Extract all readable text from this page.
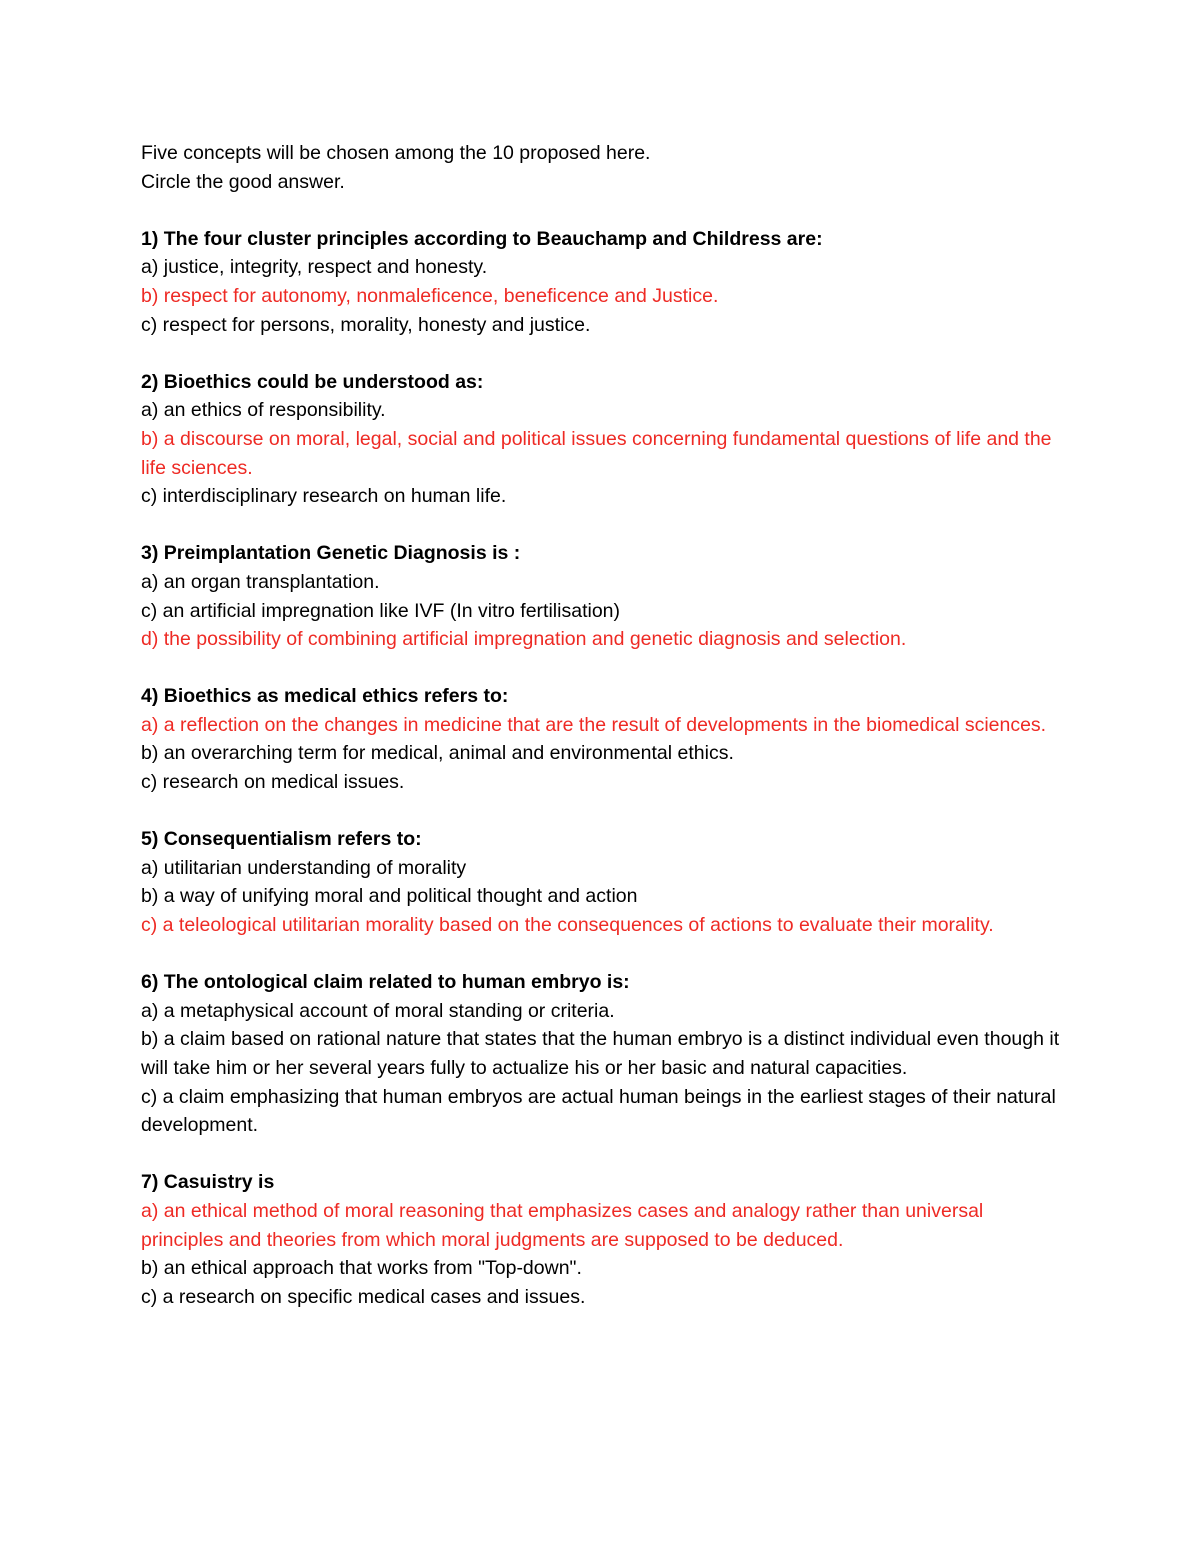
Five concepts will be chosen among the 10 proposed here.

Circle the good answer.

1) The four cluster principles according to Beauchamp and Childress are:

a) justice, integrity, respect and honesty.

b) respect for autonomy, nonmaleficence, beneficence and Justice.

c) respect for persons, morality, honesty and justice.

2) Bioethics could be understood as:

a) an ethics of responsibility.

b) a discourse on moral, legal, social and political issues concerning fundamental questions of life and the life sciences.

c) interdisciplinary research on human life.

3) Preimplantation Genetic Diagnosis is :

a) an organ transplantation.

c) an artificial impregnation like IVF (In vitro fertilisation)

d) the possibility of combining artificial impregnation and genetic diagnosis and selection.

4) Bioethics as medical ethics refers to:

a) a reflection on the changes in medicine that are the result of developments in the biomedical sciences.

b) an overarching term for medical, animal and environmental ethics.

c) research on medical issues.

5) Consequentialism refers to:

a) utilitarian understanding of morality

b) a way of unifying moral and political thought and action

c) a teleological utilitarian morality based on the consequences of actions to evaluate their morality.

6) The ontological claim related to human embryo is:

a) a metaphysical account of moral standing or criteria.

b) a claim based on rational nature that states that the human embryo is a distinct individual even though it will take him or her several years fully to actualize his or her basic and natural capacities.

c) a claim emphasizing that human embryos are actual human beings in the earliest stages of their natural development.

7) Casuistry is

a) an ethical method of moral reasoning that emphasizes cases and analogy rather than universal principles and theories from which moral judgments are supposed to be deduced.

b) an ethical approach that works from "Top-down".

c) a research on specific medical cases and issues.
